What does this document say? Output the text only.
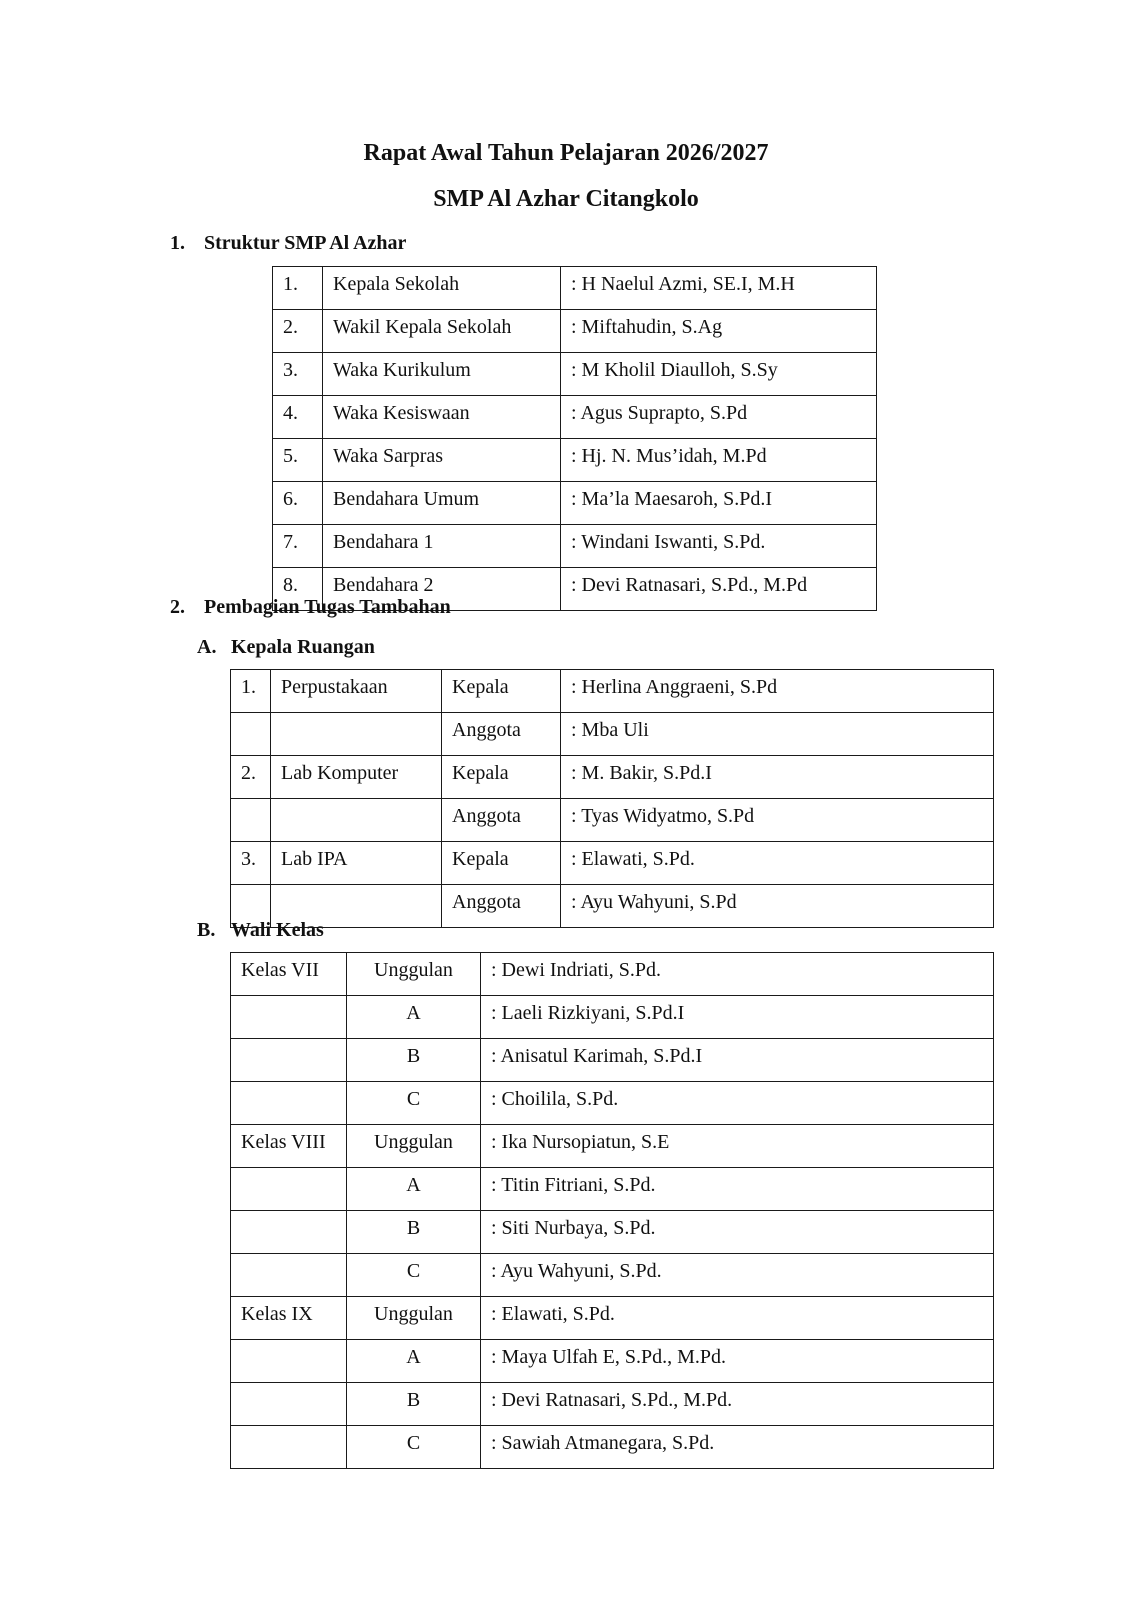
Rapat Awal Tahun Pelajaran 2026/2027
SMP Al Azhar Citangkolo
1. Struktur SMP Al Azhar
1.	Kepala Sekolah	: H Naelul Azmi, SE.I, M.H
2.	Wakil Kepala Sekolah	: Miftahudin, S.Ag
3.	Waka Kurikulum	: M Kholil Diaulloh, S.Sy
4.	Waka Kesiswaan	: Agus Suprapto, S.Pd
5.	Waka Sarpras	: Hj. N. Mus’idah, M.Pd
6.	Bendahara Umum	: Ma’la Maesaroh, S.Pd.I
7.	Bendahara 1	: Windani Iswanti, S.Pd.
8.	Bendahara 2	: Devi Ratnasari, S.Pd., M.Pd
2. Pembagian Tugas Tambahan
A. Kepala Ruangan
1.	Perpustakaan	Kepala	: Herlina Anggraeni, S.Pd
		Anggota	: Mba Uli
2.	Lab Komputer	Kepala	: M. Bakir, S.Pd.I
		Anggota	: Tyas Widyatmo, S.Pd
3.	Lab IPA	Kepala	: Elawati, S.Pd.
		Anggota	: Ayu Wahyuni, S.Pd
B. Wali Kelas
Kelas VII	Unggulan	: Dewi Indriati, S.Pd.
	A	: Laeli Rizkiyani, S.Pd.I
	B	: Anisatul Karimah, S.Pd.I
	C	: Choililа, S.Pd.
Kelas VIII	Unggulan	: Ika Nursopiatun, S.E
	A	: Titin Fitriani, S.Pd.
	B	: Siti Nurbaya, S.Pd.
	C	: Ayu Wahyuni, S.Pd.
Kelas IX	Unggulan	: Elawati, S.Pd.
	A	: Maya Ulfah E, S.Pd., M.Pd.
	B	: Devi Ratnasari, S.Pd., M.Pd.
	C	: Sawiah Atmanegara, S.Pd.
